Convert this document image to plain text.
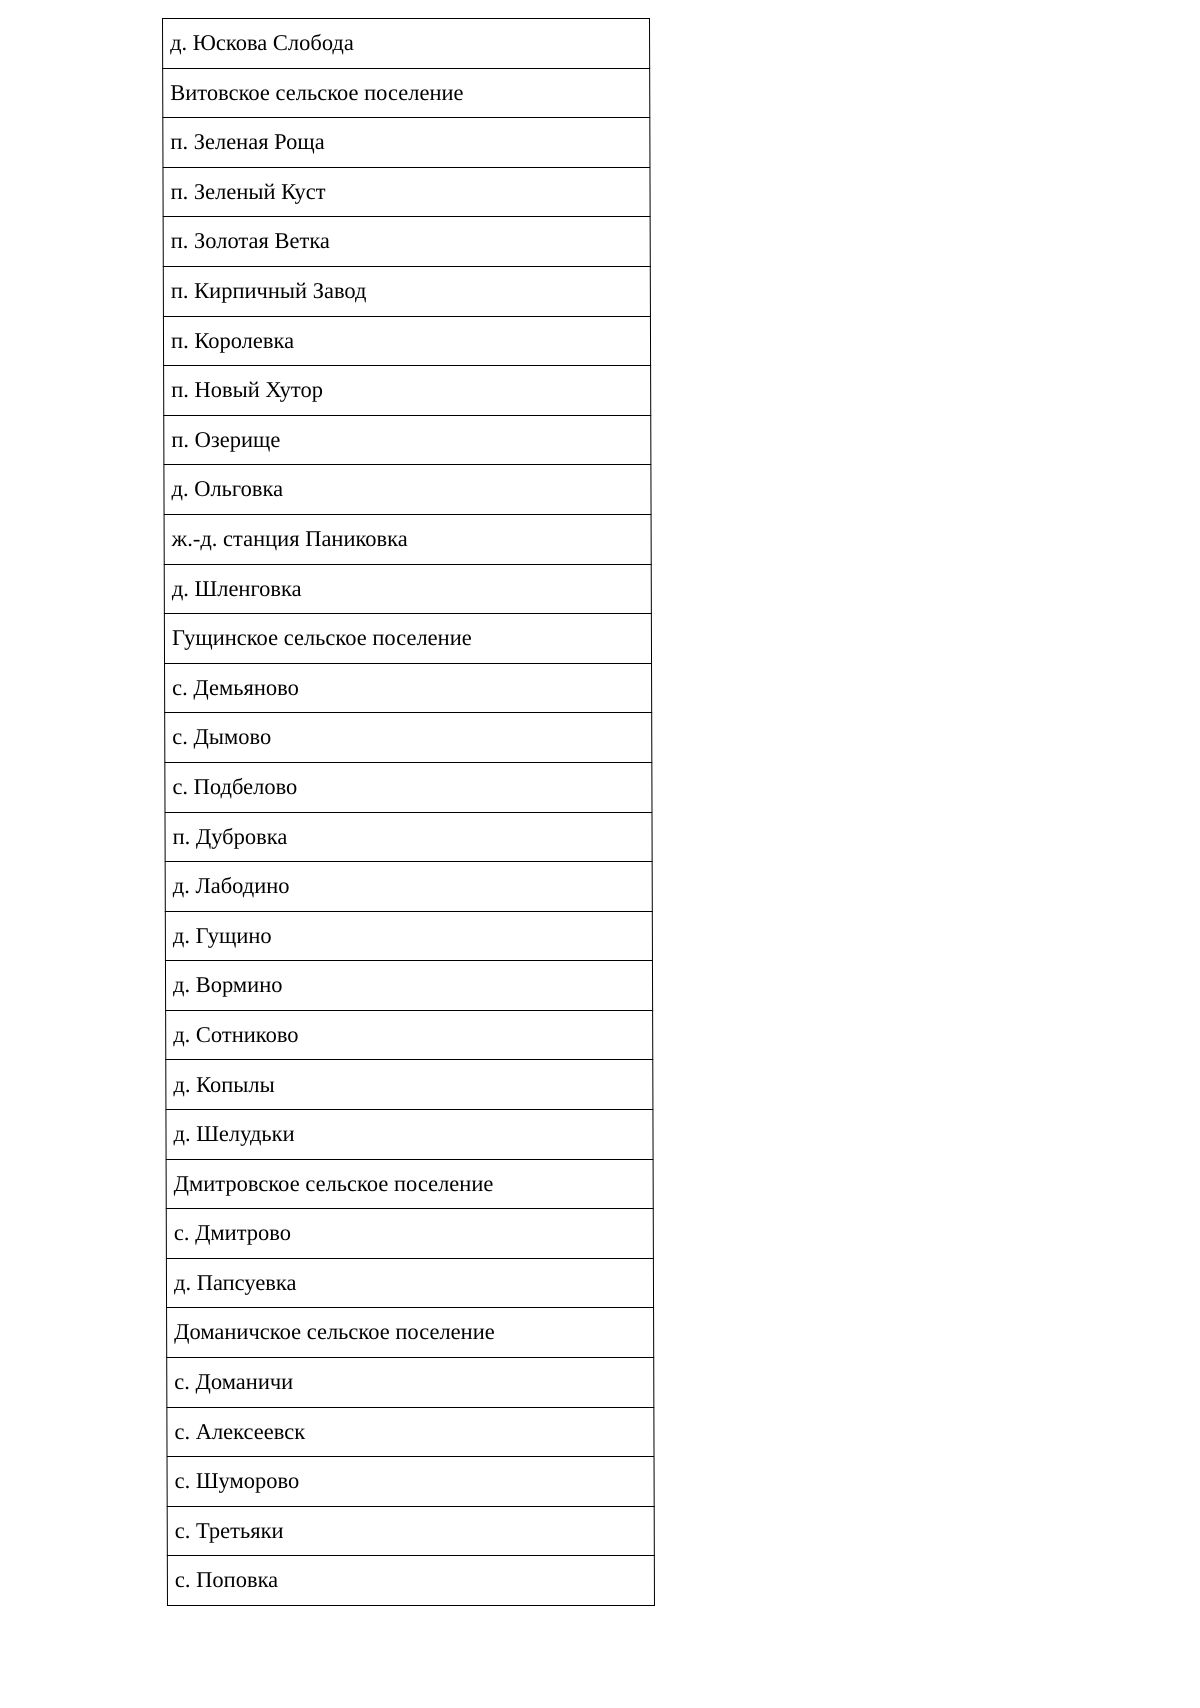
д. Юскова Слобода
Витовское сельское поселение
п. Зеленая Роща
п. Зеленый Куст
п. Золотая Ветка
п. Кирпичный Завод
п. Королевка
п. Новый Хутор
п. Озерище
д. Ольговка
ж.-д. станция Паниковка
д. Шленговка
Гущинское сельское поселение
с. Демьяново
с. Дымово
с. Подбелово
п. Дубровка
д. Лабодино
д. Гущино
д. Вормино
д. Сотниково
д. Копылы
д. Шелудьки
Дмитровское сельское поселение
с. Дмитрово
д. Папсуевка
Доманичское сельское поселение
с. Доманичи
с. Алексеевск
с. Шуморово
с. Третьяки
с. Поповка
